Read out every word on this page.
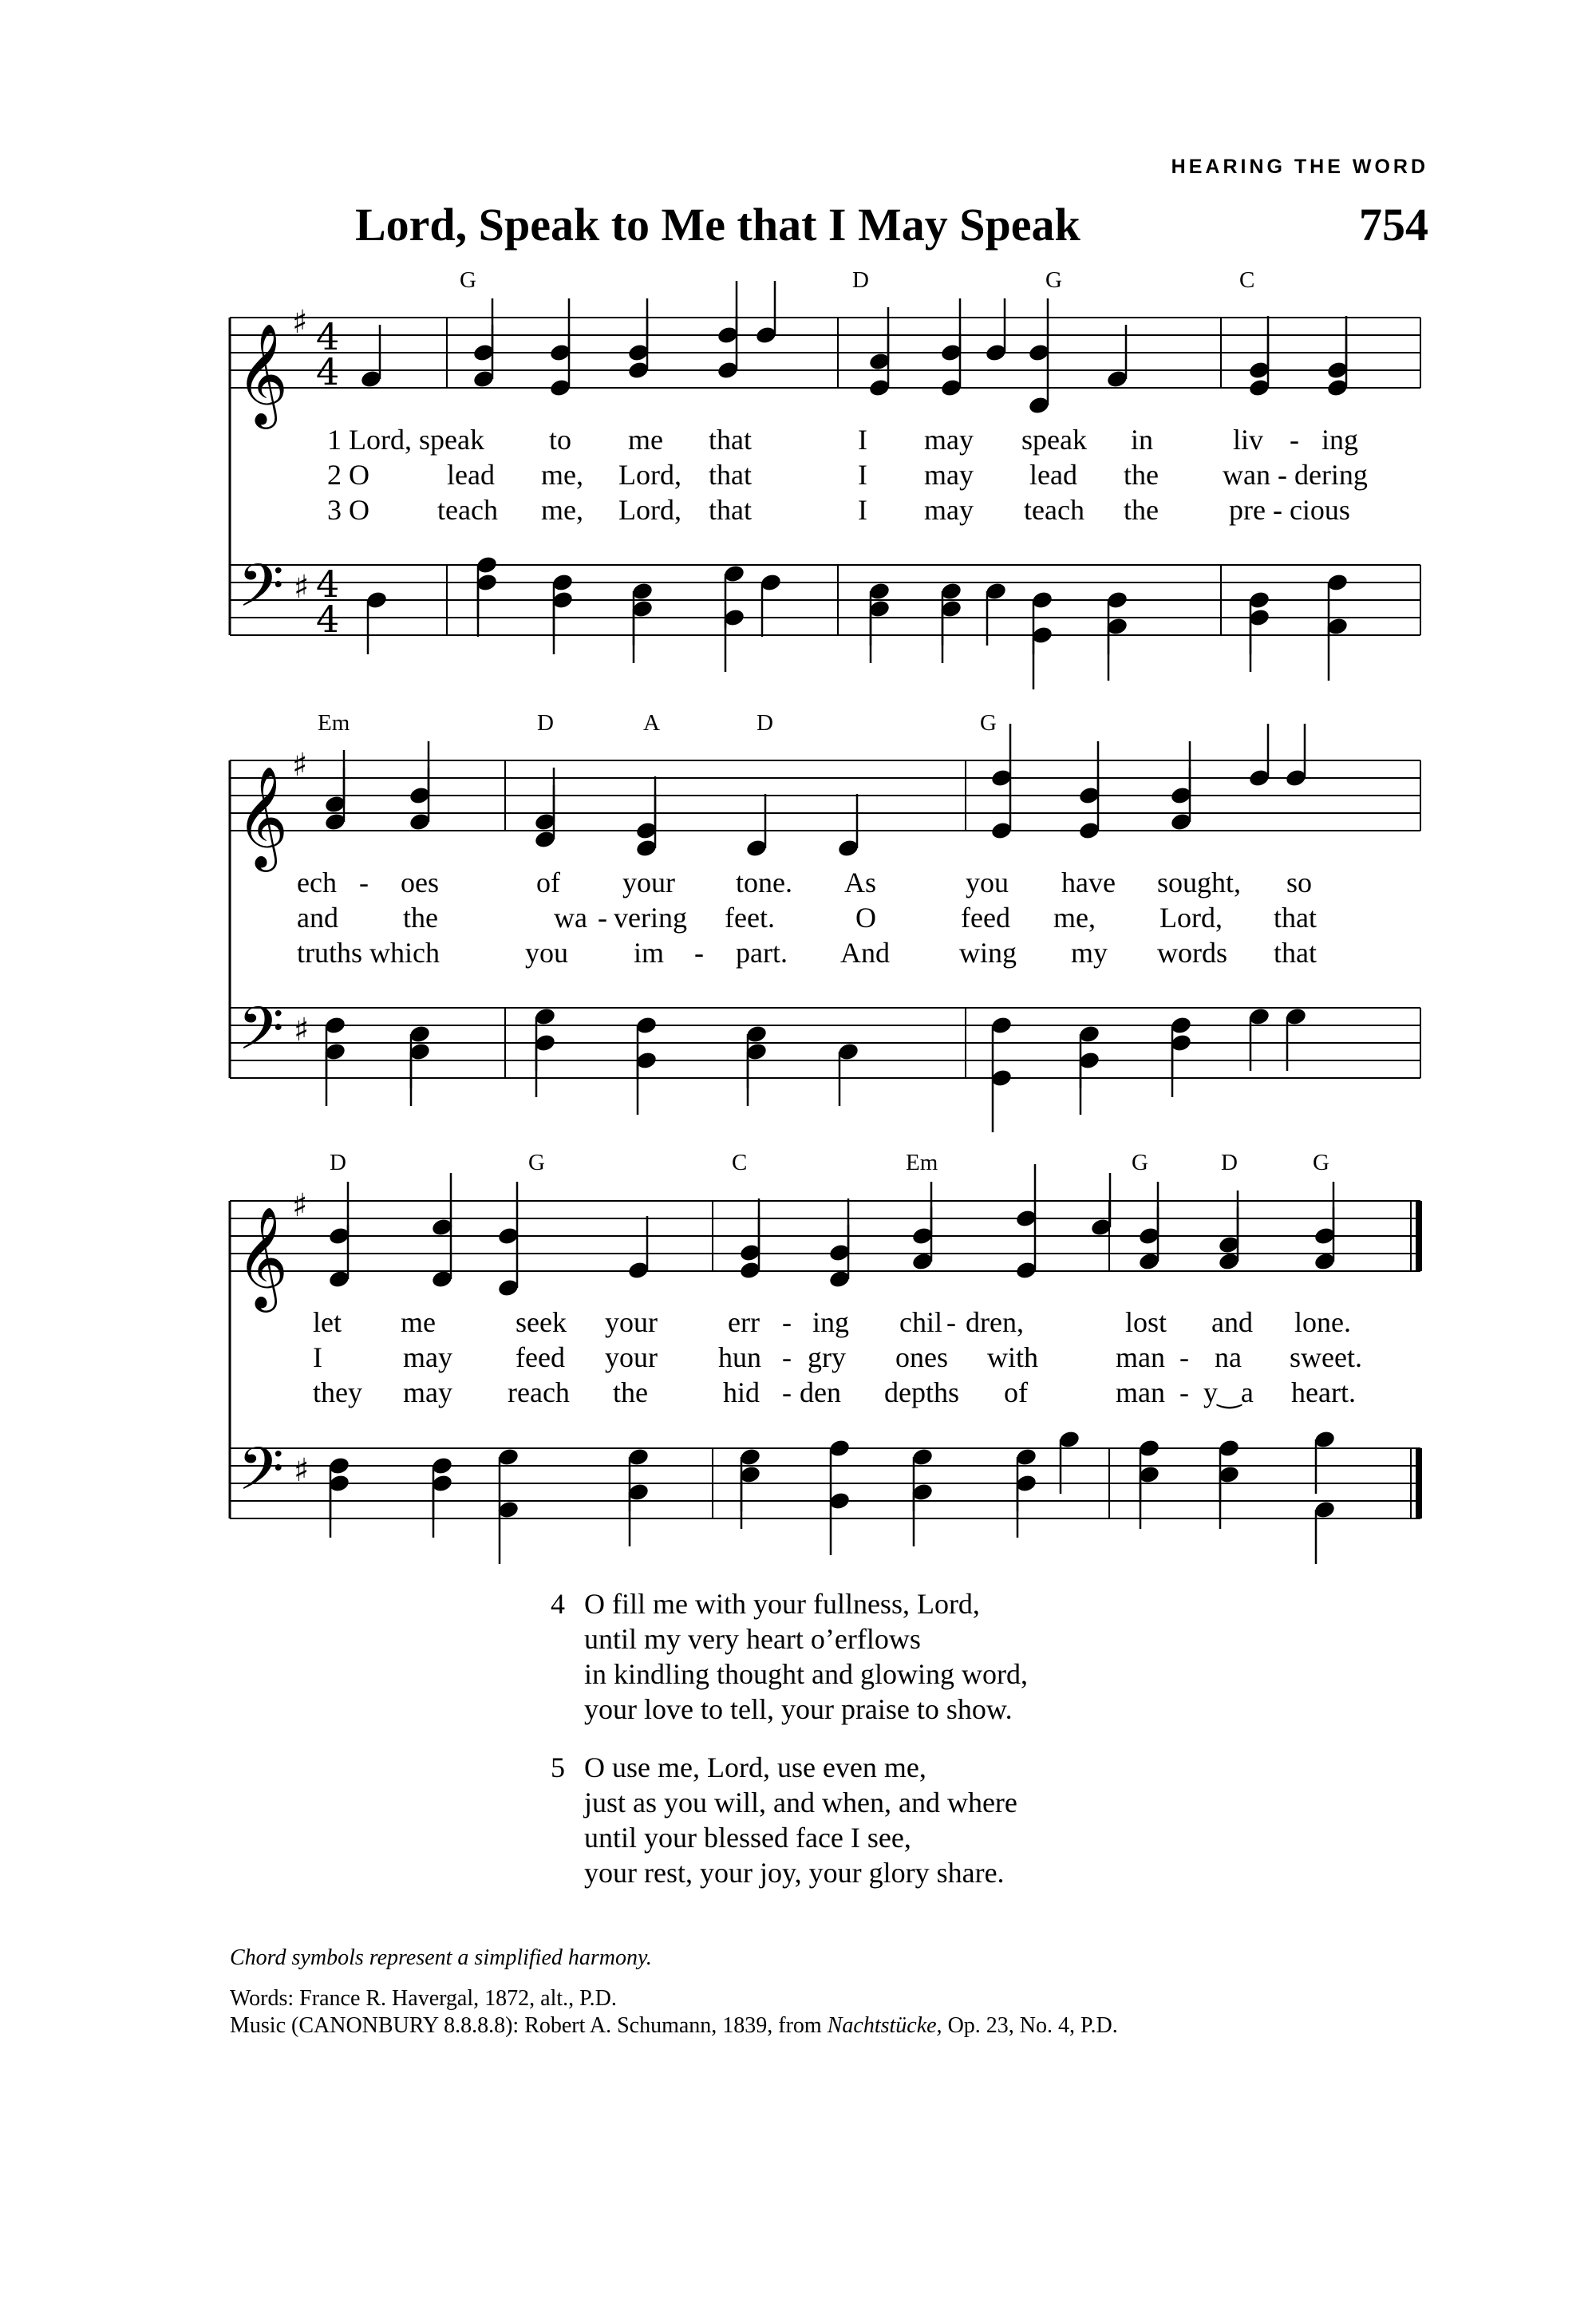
HEARING THE WORD
Lord, Speak to Me that I May Speak	754
𝄞
𝄢
♯
♯
4
4
4
4
𝄞
𝄢
♯
♯
𝄞
𝄢
♯
♯
G	D	G	C
1 Lord, speak to me that	I may speak in	liv - ing
2 O	lead me, Lord, that	I may lead the wan - dering
3 O teach me, Lord, that	I may teach the pre - cious
Em	D	A	D	G
ech - oes	of your tone. As	you have sought, so
and the	wa - vering feet.	O	feed me, Lord, that
truths which	you im - part. And wing my words that
D	G	C	Em	G	D	G
let me	seek your err - ing chil - dren,	lost and lone.
I	may feed your hun - gry ones with	man - na sweet.
they may reach the	hid - den depths of	man - y‿a heart.
4 O fill me with your fullness, Lord,
until my very heart o’erflows
in kindling thought and glowing word,
your love to tell, your praise to show.
5 O use me, Lord, use even me,
just as you will, and when, and where
until your blessed face I see,
your rest, your joy, your glory share.
Chord symbols represent a simplified harmony.
Words: France R. Havergal, 1872, alt., P.D.
Music (CANONBURY 8.8.8.8): Robert A. Schumann, 1839, from Nachtstücke, Op. 23, No. 4, P.D.
